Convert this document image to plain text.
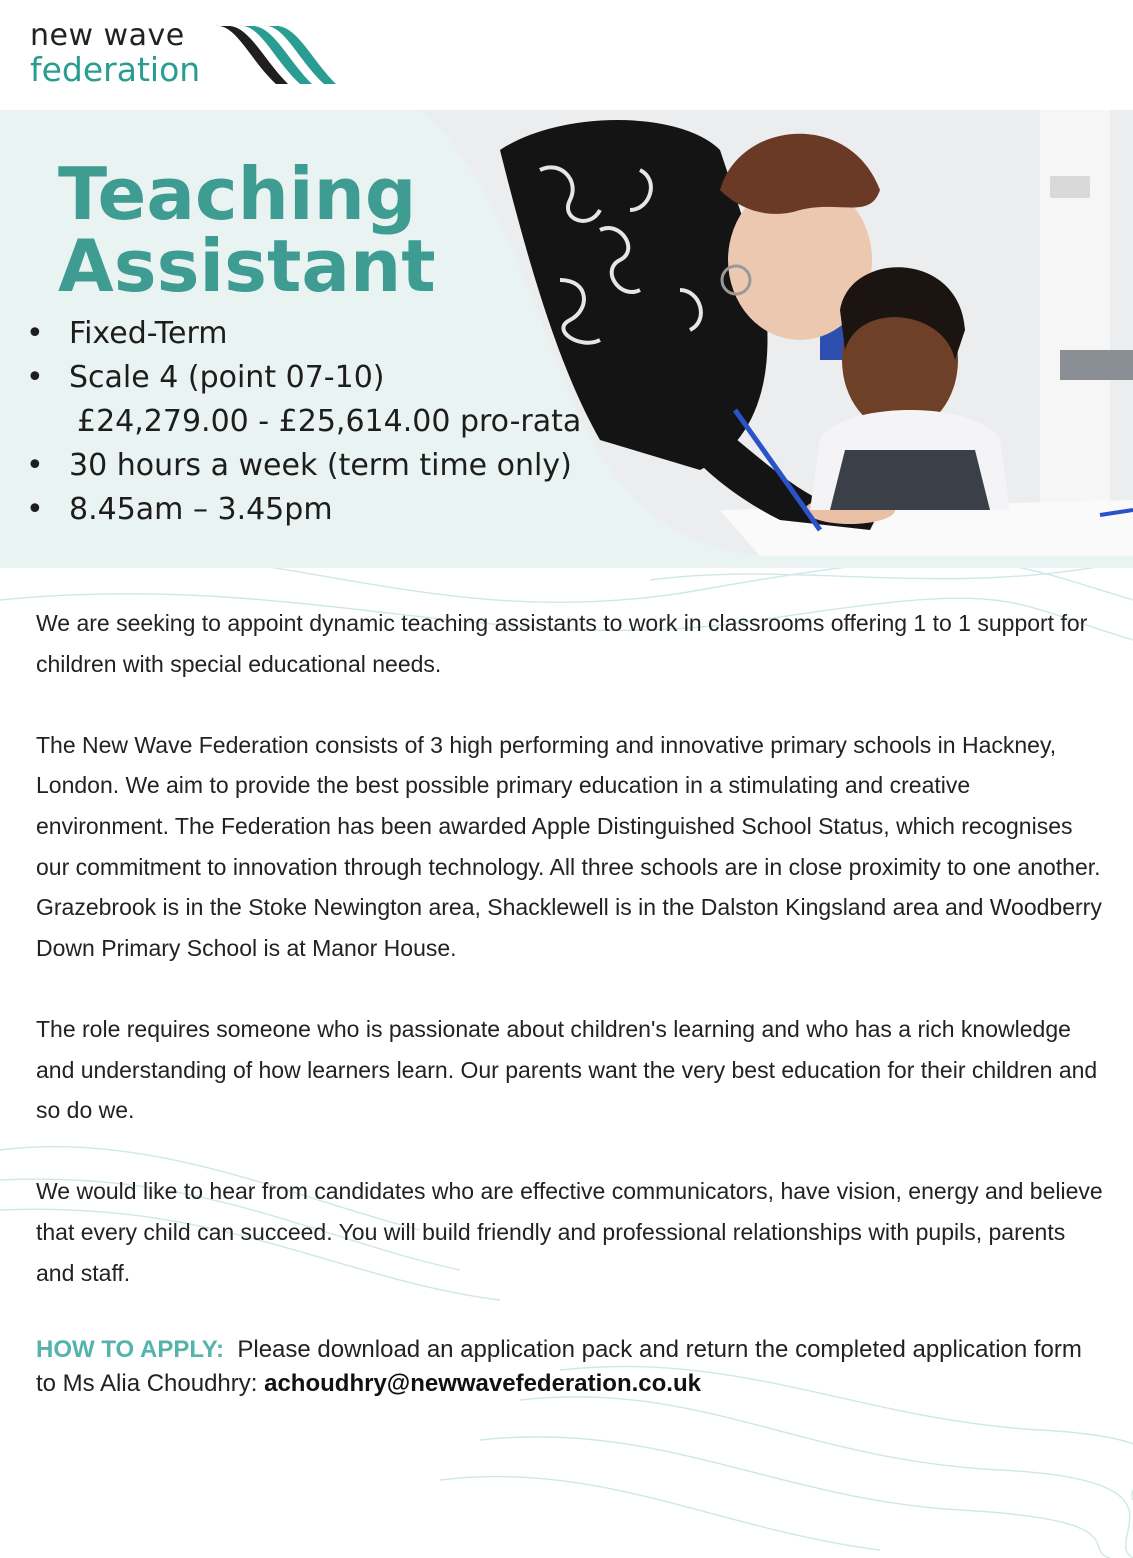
new wave
federation
Teaching
Assistant
• Fixed-Term
• Scale 4 (point 07-10)
£24,279.00 - £25,614.00 pro-rata
• 30 hours a week (term time only)
• 8.45am – 3.45pm

We are seeking to appoint dynamic teaching assistants to work in classrooms offering 1 to 1 support for children with special educational needs.

The New Wave Federation consists of 3 high performing and innovative primary schools in Hackney, London. We aim to provide the best possible primary education in a stimulating and creative environment. The Federation has been awarded Apple Distinguished School Status, which recognises our commitment to innovation through technology. All three schools are in close proximity to one another. Grazebrook is in the Stoke Newington area, Shacklewell is in the Dalston Kingsland area and Woodberry Down Primary School is at Manor House.

The role requires someone who is passionate about children's learning and who has a rich knowledge and understanding of how learners learn. Our parents want the very best education for their children and so do we.

We would like to hear from candidates who are effective communicators, have vision, energy and believe that every child can succeed. You will build friendly and professional relationships with pupils, parents and staff.

HOW TO APPLY:  Please download an application pack and return the completed application form to Ms Alia Choudhry: achoudhry@newwavefederation.co.uk
